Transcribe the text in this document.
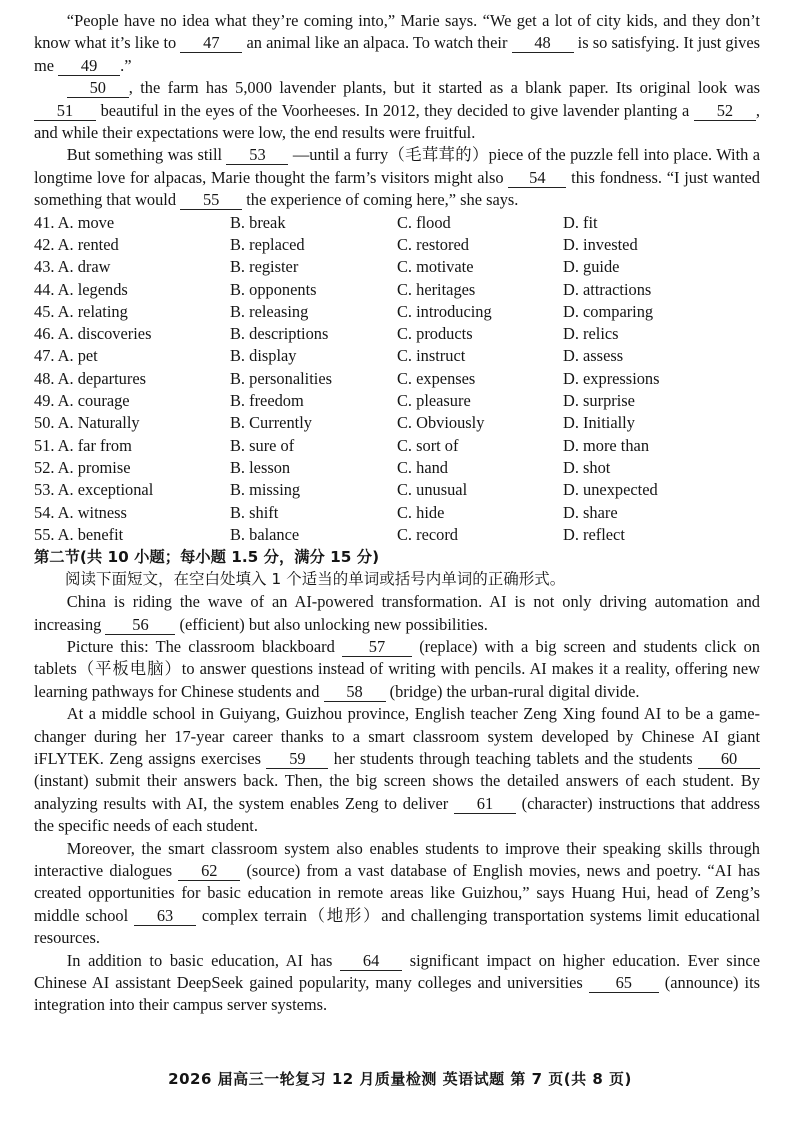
“People have no idea what they’re coming into,” Marie says. “We get a lot of city kids, and they don’t know what it’s like to 47 an animal like an alpaca. To watch their 48 is so satisfying. It just gives me 49 .”

50 , the farm has 5,000 lavender plants, but it started as a blank paper. Its original look was 51 beautiful in the eyes of the Voorheeses. In 2012, they decided to give lavender planting a 52 , and while their expectations were low, the end results were fruitful.

But something was still 53 —until a furry（毛茸茸的）piece of the puzzle fell into place. With a longtime love for alpacas, Marie thought the farm’s visitors might also 54 this fondness. “I just wanted something that would 55 the experience of coming here,” she says.

41. A. move	B. break	C. flood	D. fit
42. A. rented	B. replaced	C. restored	D. invested
43. A. draw	B. register	C. motivate	D. guide
44. A. legends	B. opponents	C. heritages	D. attractions
45. A. relating	B. releasing	C. introducing	D. comparing
46. A. discoveries	B. descriptions	C. products	D. relics
47. A. pet	B. display	C. instruct	D. assess
48. A. departures	B. personalities	C. expenses	D. expressions
49. A. courage	B. freedom	C. pleasure	D. surprise
50. A. Naturally	B. Currently	C. Obviously	D. Initially
51. A. far from	B. sure of	C. sort of	D. more than
52. A. promise	B. lesson	C. hand	D. shot
53. A. exceptional	B. missing	C. unusual	D. unexpected
54. A. witness	B. shift	C. hide	D. share
55. A. benefit	B. balance	C. record	D. reflect

第二节(共 10 小题；每小题 1.5 分，满分 15 分)

阅读下面短文，在空白处填入 1 个适当的单词或括号内单词的正确形式。

China is riding the wave of an AI-powered transformation. AI is not only driving automation and increasing 56 (efficient) but also unlocking new possibilities.

Picture this: The classroom blackboard 57 (replace) with a big screen and students click on tablets（平板电脑）to answer questions instead of writing with pencils. AI makes it a reality, offering new learning pathways for Chinese students and 58 (bridge) the urban-rural digital divide.

At a middle school in Guiyang, Guizhou province, English teacher Zeng Xing found AI to be a game-changer during her 17-year career thanks to a smart classroom system developed by Chinese AI giant iFLYTEK. Zeng assigns exercises 59 her students through teaching tablets and the students 60 (instant) submit their answers back. Then, the big screen shows the detailed answers of each student. By analyzing results with AI, the system enables Zeng to deliver 61 (character) instructions that address the specific needs of each student.

Moreover, the smart classroom system also enables students to improve their speaking skills through interactive dialogues 62 (source) from a vast database of English movies, news and poetry. “AI has created opportunities for basic education in remote areas like Guizhou,” says Huang Hui, head of Zeng’s middle school 63 complex terrain（地形）and challenging transportation systems limit educational resources.

In addition to basic education, AI has 64 significant impact on higher education. Ever since Chinese AI assistant DeepSeek gained popularity, many colleges and universities 65 (announce) its integration into their campus server systems.

2026 届高三一轮复习 12 月质量检测 英语试题 第 7 页(共 8 页)
